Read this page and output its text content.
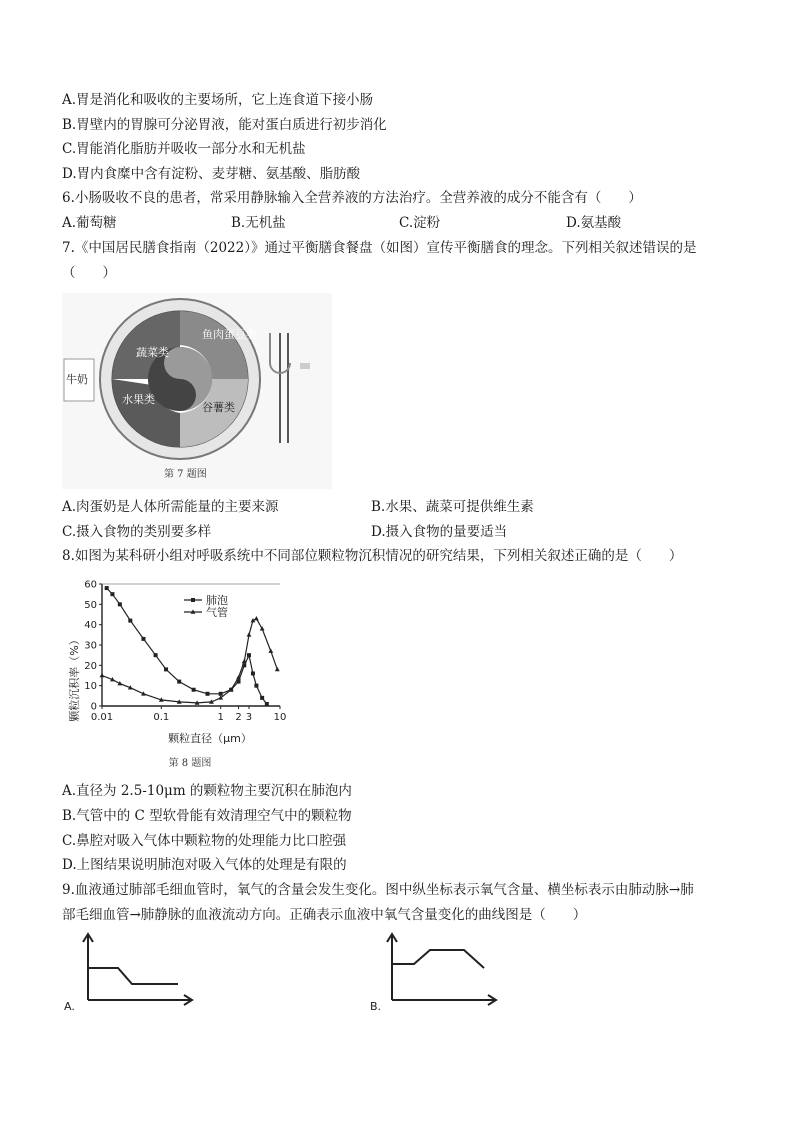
A.胃是消化和吸收的主要场所，它上连食道下接小肠
B.胃壁内的胃腺可分泌胃液，能对蛋白质进行初步消化
C.胃能消化脂肪并吸收一部分水和无机盐
D.胃内食糜中含有淀粉、麦芽糖、氨基酸、脂肪酸
6.小肠吸收不良的患者，常采用静脉输入全营养液的方法治疗。全营养液的成分不能含有（　　）
A.葡萄糖	B.无机盐	C.淀粉	D.氨基酸
7.《中国居民膳食指南（2022）》通过平衡膳食餐盘（如图）宣传平衡膳食的理念。下列相关叙述错误的是
（　　）
蔬菜类
鱼肉蛋豆类
水果类
谷薯类
牛奶
第 7 题图
A.肉蛋奶是人体所需能量的主要来源	B.水果、蔬菜可提供维生素
C.摄入食物的类别要多样	D.摄入食物的量要适当
8.如图为某科研小组对呼吸系统中不同部位颗粒物沉积情况的研究结果，下列相关叙述正确的是（　　）
0
10
20
30
40
50
60
0.01	0.1	1 2 3 10
肺泡
气管
颗粒沉积率（%）
颗粒直径（μm）
第 8 题图
A.直径为 2.5-10μm 的颗粒物主要沉积在肺泡内
B.气管中的 C 型软骨能有效清理空气中的颗粒物
C.鼻腔对吸入气体中颗粒物的处理能力比口腔强
D.上图结果说明肺泡对吸入气体的处理是有限的
9.血液通过肺部毛细血管时，氧气的含量会发生变化。图中纵坐标表示氧气含量、横坐标表示由肺动脉→肺
部毛细血管→肺静脉的血液流动方向。正确表示血液中氧气含量变化的曲线图是（　　）
A.	B.
